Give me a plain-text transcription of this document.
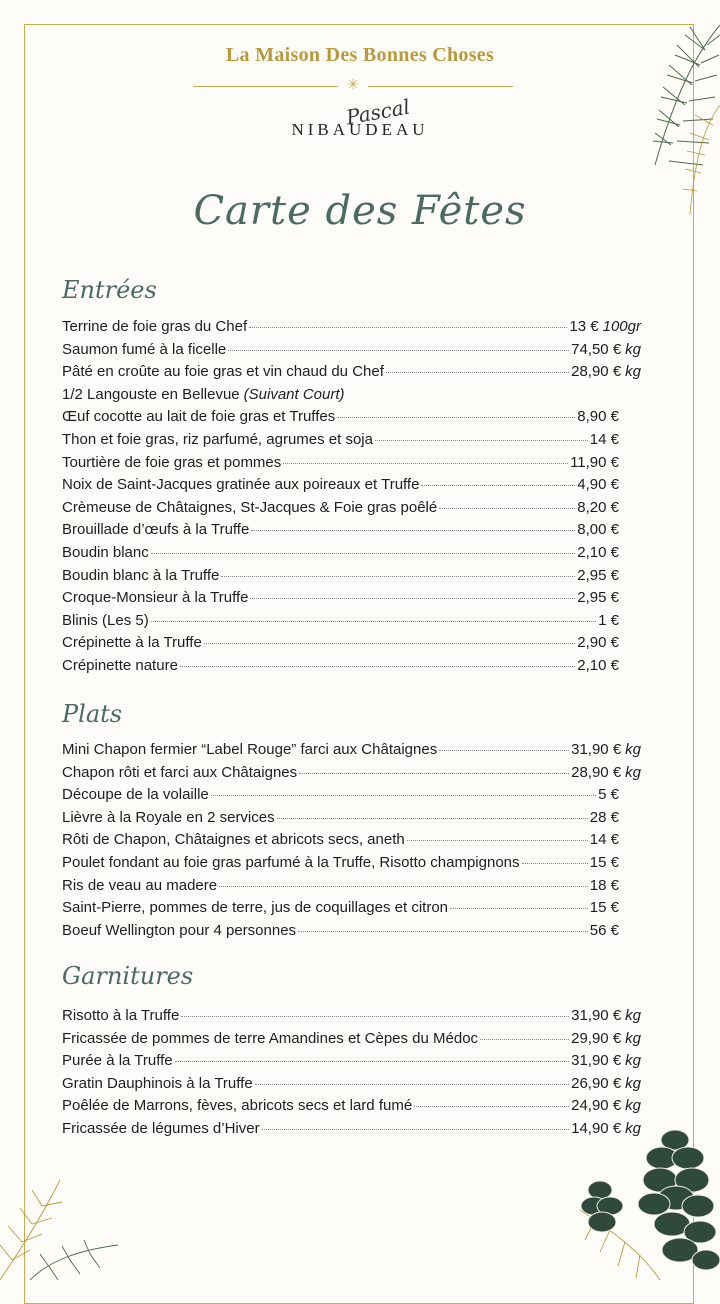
La Maison Des Bonnes Choses
✳
Pascal
NIBAUDEAU
Carte des Fêtes
Entrées
Terrine de foie gras du Chef	13 € 100gr
Saumon fumé à la ficelle	74,50 € kg
Pâté en croûte au foie gras et vin chaud du Chef	28,90 € kg
1/2 Langouste en Bellevue (Suivant Court)
Œuf cocotte au lait de foie gras et Truffes	8,90 €
Thon et foie gras, riz parfumé, agrumes et soja	14 €
Tourtière de foie gras et pommes	11,90 €
Noix de Saint-Jacques gratinée aux poireaux et Truffe	4,90 €
Crèmeuse de Châtaignes, St-Jacques & Foie gras poêlé	8,20 €
Brouillade d’œufs à la Truffe	8,00 €
Boudin blanc	2,10 €
Boudin blanc à la Truffe	2,95 €
Croque-Monsieur à la Truffe	2,95 €
Blinis (Les 5)	1 €
Crépinette à la Truffe	2,90 €
Crépinette nature	2,10 €
Plats
Mini Chapon fermier “Label Rouge” farci aux Châtaignes	31,90 € kg
Chapon rôti et farci aux Châtaignes	28,90 € kg
Découpe de la volaille	5 €
Lièvre à la Royale en 2 services	28 €
Rôti de Chapon, Châtaignes et abricots secs, aneth	14 €
Poulet fondant au foie gras parfumé à la Truffe, Risotto champignons	15 €
Ris de veau au madere	18 €
Saint-Pierre, pommes de terre, jus de coquillages et citron	15 €
Boeuf Wellington pour 4 personnes	56 €
Garnitures
Risotto à la Truffe	31,90 € kg
Fricassée de pommes de terre Amandines et Cèpes du Médoc	29,90 € kg
Purée à la Truffe	31,90 € kg
Gratin Dauphinois à la Truffe	26,90 € kg
Poêlée de Marrons, fèves, abricots secs et lard fumé	24,90 € kg
Fricassée de légumes d’Hiver	14,90 € kg
